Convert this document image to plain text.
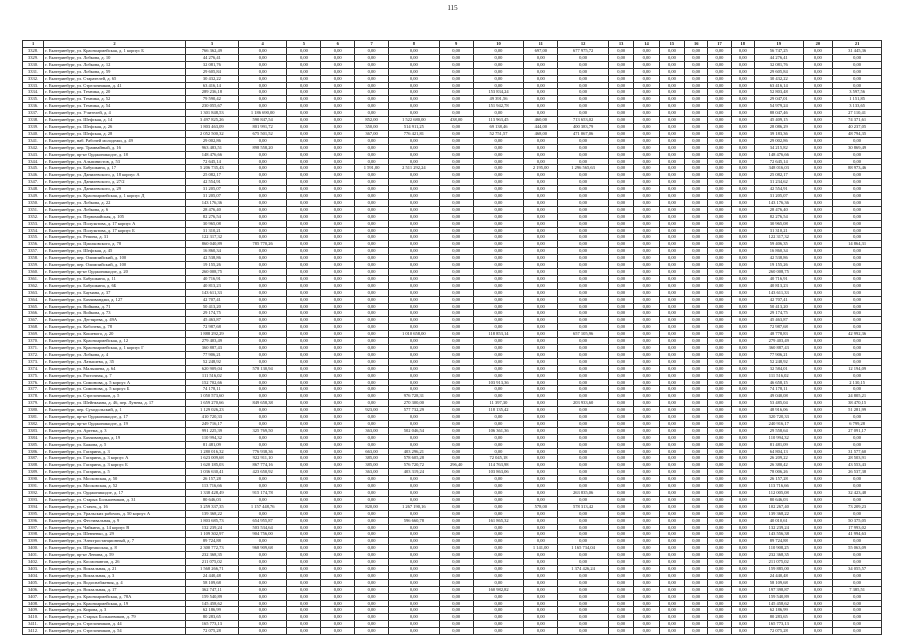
115
1	2	3	4	5	6	7	8	9	10	11	12	13	14	15	16	17	18	19	20	21
3328.	г. Екатеринбург, ул. Красноармейская, д. 1 корпус Б	766 362,49	0,00	0,00	0,00	0,00	0,00	0,00	0,00	697,00	677 975,72	0,00	0,00	0,00	0,00	0,00	0,00	56 747,25	0,00	31 445,36
3329.	г. Екатеринбург, ул. Лобкова, д. 10	44 276,41	0,00	0,00	0,00	0,00	0,00	0,00	0,00	0,00	0,00	0,00	0,00	0,00	0,00	0,00	0,00	44 276,41	0,00	0,00
3330.	г. Екатеринбург, ул. Лобкова, д. 12	32 081,76	0,00	0,00	0,00	0,00	0,00	0,00	0,00	0,00	0,00	0,00	0,00	0,00	0,00	0,00	0,00	32 081,76	0,00	0,00
3331.	г. Екатеринбург, ул. Лобкова, д. 59	29 605,84	0,00	0,00	0,00	0,00	0,00	0,00	0,00	0,00	0,00	0,00	0,00	0,00	0,00	0,00	0,00	29 605,84	0,00	0,00
3332.	г. Екатеринбург, ул. Старателей, д. 65	30 432,22	0,00	0,00	0,00	0,00	0,00	0,00	0,00	0,00	0,00	0,00	0,00	0,00	0,00	0,00	0,00	30 432,22	0,00	0,00
3333.	г. Екатеринбург, ул. Стрелочников, д. 41	63 416,14	0,00	0,00	0,00	0,00	0,00	0,00	0,00	0,00	0,00	0,00	0,00	0,00	0,00	0,00	0,00	63 416,14	0,00	0,00
3334.	г. Екатеринбург, ул. Техника, д. 20	289 236,18	0,00	0,00	0,00	0,00	0,00	0,00	153 834,24	0,00	0,00	0,00	0,00	0,00	0,00	0,00	0,00	52 803,48	0,00	3 597,56
3335.	г. Екатеринбург, ул. Техника, д. 52	79 590,42	0,00	0,00	0,00	0,00	0,00	0,00	49 391,56	0,00	0,00	0,00	0,00	0,00	0,00	0,00	0,00	29 047,01	0,00	1 151,85
3336.	г. Екатеринбург, ул. Техника, д. 54	230 055,67	0,00	0,00	0,00	0,00	0,00	0,00	151 942,78	0,00	0,00	0,00	0,00	0,00	0,00	0,00	0,00	54 979,24	0,00	3 133,65
3337.	г. Екатеринбург, ул. Учителей, д. 4	1 301 848,53	1 186 690,00	0,00	0,00	0,00	0,00	0,00	0,00	0,00	0,00	0,00	0,00	0,00	0,00	0,00	0,00	88 047,46	0,00	27 110,41
3338.	г. Екатеринбург, ул. Шефская, д. 14	3 497 825,26	590 847,54	0,00	0,00	852,00	1 522 680,00	438,00	113 963,45	460,00	713 653,02	0,00	0,00	0,00	0,00	0,00	0,00	45 409,15	0,00	74 371,61
3339.	г. Екатеринбург, ул. Шефская, д. 26	1 803 463,09	801 991,72	0,00	0,00	350,00	514 911,25	0,00	69 138,46	444,00	400 383,79	0,00	0,00	0,00	0,00	0,00	0,00	28 086,29	0,00	40 237,05
3340.	г. Екатеринбург, ул. Шефская, д. 28	2 052 500,32	675 501,52	0,00	0,00	367,00	776 421,81	0,00	52 751,57	468,00	471 067,06	0,00	0,00	0,00	0,00	0,00	0,00	39 183,36	0,00	48 794,35
3341.	г. Екатеринбург, наб. Рабочей молодежи, д. 49	29 002,86	0,00	0,00	0,00	0,00	0,00	0,00	0,00	0,00	0,00	0,00	0,00	0,00	0,00	0,00	0,00	29 002,86	0,00	0,00
3342.	г. Екатеринбург, пер. Трамвайный, д. 16	963 483,51	898 558,20	0,00	0,00	0,00	0,00	0,00	0,00	0,00	0,00	0,00	0,00	0,00	0,00	0,00	0,00	34 215,82	0,00	30 869,49
3343.	г. Екатеринбург, пр-кт Орджоникидзе, д. 18	148 476,66	0,00	0,00	0,00	0,00	0,00	0,00	0,00	0,00	0,00	0,00	0,00	0,00	0,00	0,00	0,00	148 476,66	0,00	0,00
3344.	г. Екатеринбург, ул. Альпинистов, д. 53	72 645,14	0,00	0,00	0,00	0,00	0,00	0,00	0,00	0,00	0,00	0,00	0,00	0,00	0,00	0,00	0,00	72 645,14	0,00	0,00
3345.	г. Екатеринбург, ул. Бабушкина, д. 17	5 206 735,43	0,00	0,00	0,00	1 591,00	2 511 292,24	0,00	0,00	2 195,00	1 296 565,63	0,00	0,00	0,00	0,00	0,00	0,00	348 016,03	0,00	88 973,46
3346.	г. Екатеринбург, ул. Данилевского, д. 18 корпус А	25 082,17	0,00	0,00	0,00	0,00	0,00	0,00	0,00	0,00	0,00	0,00	0,00	0,00	0,00	0,00	0,00	25 082,17	0,00	0,00
3347.	г. Екатеринбург, ул. Данилевского, д. 27/2	42 554,91	0,00	0,00	0,00	0,00	0,00	0,00	0,00	0,00	0,00	0,00	0,00	0,00	0,00	0,00	0,00	31 234,62	0,00	0,00
3348.	г. Екатеринбург, ул. Данилевского, д. 29	31 205,07	0,00	0,00	0,00	0,00	0,00	0,00	0,00	0,00	0,00	0,00	0,00	0,00	0,00	0,00	0,00	42 554,91	0,00	0,00
3349.	г. Екатеринбург, ул. Красноармейская, д. 1 корпус Д	31 205,07	0,00	0,00	0,00	0,00	0,00	0,00	0,00	0,00	0,00	0,00	0,00	0,00	0,00	0,00	0,00	31 205,07	0,00	0,00
3350.	г. Екатеринбург, ул. Лобкова, д. 22	143 176,36	0,00	0,00	0,00	0,00	0,00	0,00	0,00	0,00	0,00	0,00	0,00	0,00	0,00	0,00	0,00	143 176,36	0,00	0,00
3351.	г. Екатеринбург, ул. Лобкова, д. 6	28 476,40	0,00	0,00	0,00	0,00	0,00	0,00	0,00	0,00	0,00	0,00	0,00	0,00	0,00	0,00	0,00	28 476,40	0,00	0,00
3352.	г. Екатеринбург, ул. Первомайская, д. 105	82 276,54	0,00	0,00	0,00	0,00	0,00	0,00	0,00	0,00	0,00	0,00	0,00	0,00	0,00	0,00	0,00	82 276,54	0,00	0,00
3353.	г. Екатеринбург, ул. Полуэктова, д. 17 корпус А	30 965,08	0,00	0,00	0,00	0,00	0,00	0,00	0,00	0,00	0,00	0,00	0,00	0,00	0,00	0,00	0,00	30 965,08	0,00	0,00
3354.	г. Екатеринбург, ул. Полуэктова, д. 17 корпус Б	31 310,21	0,00	0,00	0,00	0,00	0,00	0,00	0,00	0,00	0,00	0,00	0,00	0,00	0,00	0,00	0,00	31 310,21	0,00	0,00
3355.	г. Екатеринбург, ул. Репина, д. 31	122 317,32	0,00	0,00	0,00	0,00	0,00	0,00	0,00	0,00	0,00	0,00	0,00	0,00	0,00	0,00	0,00	122 317,32	0,00	0,00
3356.	г. Екатеринбург, ул. Циолковского, д. 78	860 040,89	785 770,26	0,00	0,00	0,00	0,00	0,00	0,00	0,00	0,00	0,00	0,00	0,00	0,00	0,00	0,00	59 406,35	0,00	14 864,31
3357.	г. Екатеринбург, ул. Шефская, д. 45	16 860,34	0,00	0,00	0,00	0,00	0,00	0,00	0,00	0,00	0,00	0,00	0,00	0,00	0,00	0,00	0,00	16 860,34	0,00	0,00
3358.	г. Екатеринбург, пер. Олимпийский, д. 100	42 538,86	0,00	0,00	0,00	0,00	0,00	0,00	0,00	0,00	0,00	0,00	0,00	0,00	0,00	0,00	0,00	42 538,86	0,00	0,00
3359.	г. Екатеринбург, пер. Олимпийский, д. 100	19 155,26	0,00	0,00	0,00	0,00	0,00	0,00	0,00	0,00	0,00	0,00	0,00	0,00	0,00	0,00	0,00	19 155,26	0,00	0,00
3360.	г. Екатеринбург, пр-кт Орджоникидзе, д. 20	260 008,75	0,00	0,00	0,00	0,00	0,00	0,00	0,00	0,00	0,00	0,00	0,00	0,00	0,00	0,00	0,00	260 008,75	0,00	0,00
3361.	г. Екатеринбург, ул. Бабушкина, д. 11	40 716,91	0,00	0,00	0,00	0,00	0,00	0,00	0,00	0,00	0,00	0,00	0,00	0,00	0,00	0,00	0,00	40 716,91	0,00	0,00
3362.	г. Екатеринбург, ул. Бабушкина, д. 6Б	40 813,23	0,00	0,00	0,00	0,00	0,00	0,00	0,00	0,00	0,00	0,00	0,00	0,00	0,00	0,00	0,00	40 813,23	0,00	0,00
3363.	г. Екатеринбург, ул. Баумана, д. 37	143 611,33	0,00	0,00	0,00	0,00	0,00	0,00	0,00	0,00	0,00	0,00	0,00	0,00	0,00	0,00	0,00	143 611,33	0,00	0,00
3364.	г. Екатеринбург, ул. Бахчиванджи, д. 127	42 707,41	0,00	0,00	0,00	0,00	0,00	0,00	0,00	0,00	0,00	0,00	0,00	0,00	0,00	0,00	0,00	42 707,41	0,00	0,00
3365.	г. Екатеринбург, ул. Войкова, д. 71	50 413,20	0,00	0,00	0,00	0,00	0,00	0,00	0,00	0,00	0,00	0,00	0,00	0,00	0,00	0,00	0,00	50 413,20	0,00	0,00
3366.	г. Екатеринбург, ул. Войкова, д. 73	29 174,75	0,00	0,00	0,00	0,00	0,00	0,00	0,00	0,00	0,00	0,00	0,00	0,00	0,00	0,00	0,00	29 174,75	0,00	0,00
3367.	г. Екатеринбург, ул. Дегтярева, д. 49А	45 463,87	0,00	0,00	0,00	0,00	0,00	0,00	0,00	0,00	0,00	0,00	0,00	0,00	0,00	0,00	0,00	45 463,87	0,00	0,00
3368.	г. Екатеринбург, ул. Кобозева, д. 78	72 987,68	0,00	0,00	0,00	0,00	0,00	0,00	0,00	0,00	0,00	0,00	0,00	0,00	0,00	0,00	0,00	72 987,68	0,00	0,00
3369.	г. Екатеринбург, ул. Кошевого, д. 20	1 888 292,29	0,00	0,00	0,00	0,00	1 010 658,00	0,00	118 853,14	0,00	657 105,96	0,00	0,00	0,00	0,00	0,00	0,00	48 778,83	0,00	42 992,36
3370.	г. Екатеринбург, ул. Красноармейская, д. 12	279 403,49	0,00	0,00	0,00	0,00	0,00	0,00	0,00	0,00	0,00	0,00	0,00	0,00	0,00	0,00	0,00	279 403,49	0,00	0,00
3371.	г. Екатеринбург, ул. Красноармейская, д. 1 корпус Г	360 887,43	0,00	0,00	0,00	0,00	0,00	0,00	0,00	0,00	0,00	0,00	0,00	0,00	0,00	0,00	0,00	360 887,43	0,00	0,00
3372.	г. Екатеринбург, ул. Лобкова, д. 4	77 906,21	0,00	0,00	0,00	0,00	0,00	0,00	0,00	0,00	0,00	0,00	0,00	0,00	0,00	0,00	0,00	77 906,21	0,00	0,00
3373.	г. Екатеринбург, ул. Латышева, д. 35	52 248,92	0,00	0,00	0,00	0,00	0,00	0,00	0,00	0,00	0,00	0,00	0,00	0,00	0,00	0,00	0,00	52 248,92	0,00	0,00
3374.	г. Екатеринбург, ул. Малышева, д. 64	620 909,04	578 130,94	0,00	0,00	0,00	0,00	0,00	0,00	0,00	0,00	0,00	0,00	0,00	0,00	0,00	0,00	32 584,01	0,00	12 194,09
3375.	г. Екатеринбург, ул. Расточная, д. 7	111 516,02	0,00	0,00	0,00	0,00	0,00	0,00	0,00	0,00	0,00	0,00	0,00	0,00	0,00	0,00	0,00	111 516,02	0,00	0,00
3376.	г. Екатеринбург, ул. Симонова, д. 5 корпус А	152 702,66	0,00	0,00	0,00	0,00	0,00	0,00	103 913,36	0,00	0,00	0,00	0,00	0,00	0,00	0,00	0,00	46 658,15	0,00	2 130,15
3377.	г. Екатеринбург, ул. Симонова, д. 5 корпус Б	74 178,11	0,00	0,00	0,00	0,00	0,00	0,00	0,00	0,00	0,00	0,00	0,00	0,00	0,00	0,00	0,00	74 178,11	0,00	0,00
3378.	г. Екатеринбург, ул. Стрелочников, д. 5	1 050 573,60	0,00	0,00	0,00	0,00	976 728,31	0,00	0,00	0,00	0,00	0,00	0,00	0,00	0,00	0,00	0,00	49 040,08	0,00	24 805,21
3379.	г. Екатеринбург, ул. Шейнкмана, д. 46, пер. Лунева, д. 17	1 659 270,66	849 658,38	0,00	0,00	0,00	270 300,00	0,00	11 397,30	0,00	203 933,60	0,00	0,00	0,00	0,00	0,00	0,00	53 485,04	0,00	38 470,15
3380.	г. Екатеринбург, пер. Суходольский, д. 1	1 129 026,23	0,00	0,00	0,00	923,00	577 732,29	0,00	118 135,42	0,00	0,00	0,00	0,00	0,00	0,00	0,00	0,00	48 916,06	0,00	51 281,99
3381.	г. Екатеринбург, пр-кт Орджоникидзе, д. 17	410 720,33	0,00	0,00	0,00	0,00	0,00	0,00	0,00	0,00	0,00	0,00	0,00	0,00	0,00	0,00	0,00	320 720,33	0,00	0,00
3382.	г. Екатеринбург, пр-кт Орджоникидзе, д. 19	249 716,17	0,00	0,00	0,00	0,00	0,00	0,00	0,00	0,00	0,00	0,00	0,00	0,00	0,00	0,00	0,00	240 916,17	0,00	6 799,28
3383.	г. Екатеринбург, ул. Артема, д. 3	991 225,39	325 769,50	0,00	0,00	363,00	502 046,54	0,00	106 361,36	0,00	0,00	0,00	0,00	0,00	0,00	0,00	0,00	29 558,64	0,00	27 091,17
3384.	г. Екатеринбург, ул. Бахчиванджи, д. 19	110 994,32	0,00	0,00	0,00	0,00	0,00	0,00	0,00	0,00	0,00	0,00	0,00	0,00	0,00	0,00	0,00	110 994,32	0,00	0,00
3385.	г. Екатеринбург, ул. Бажова, д. 5	81 481,09	0,00	0,00	0,00	0,00	0,00	0,00	0,00	0,00	0,00	0,00	0,00	0,00	0,00	0,00	0,00	81 481,09	0,00	0,00
3386.	г. Екатеринбург, ул. Гагарина, д. 3	1 280 016,32	776 938,36	0,00	0,00	663,00	403 296,21	0,00	0,00	0,00	0,00	0,00	0,00	0,00	0,00	0,00	0,00	64 804,13	0,00	31 577,60
3387.	г. Екатеринбург, ул. Гагарина, д. 3 корпус А	1 623 009,68	922 911,10	0,00	0,00	385,00	578 605,28	0,00	72 045,18	0,00	0,00	0,00	0,00	0,00	0,00	0,00	0,00	26 209,22	0,00	28 503,91
3388.	г. Екатеринбург, ул. Гагарина, д. 3 корпус Б	1 620 185,03	867 774,16	0,00	0,00	385,00	576 720,72	296,40	114 763,98	0,00	0,00	0,00	0,00	0,00	0,00	0,00	0,00	26 380,42	0,00	43 553,43
3389.	г. Екатеринбург, ул. Гагарина, д. 5	1 036 630,41	423 650,92	0,00	0,00	363,00	403 319,24	0,00	103 863,06	0,00	0,00	0,00	0,00	0,00	0,00	0,00	0,00	78 006,26	0,00	26 537,38
3390.	г. Екатеринбург, ул. Московская, д. 50	26 157,28	0,00	0,00	0,00	0,00	0,00	0,00	0,00	0,00	0,00	0,00	0,00	0,00	0,00	0,00	0,00	26 157,28	0,00	0,00
3391.	г. Екатеринбург, ул. Московская, д. 52	113 716,66	0,00	0,00	0,00	0,00	0,00	0,00	0,00	0,00	0,00	0,00	0,00	0,00	0,00	0,00	0,00	113 716,66	0,00	0,00
3392.	г. Екатеринбург, ул. Орджоникидзе, д. 17	1 338 428,49	915 174,78	0,00	0,00	0,00	0,00	0,00	0,00	0,00	263 835,06	0,00	0,00	0,00	0,00	0,00	0,00	112 005,08	0,00	32 423,48
3393.	г. Екатеринбург, ул. Старых Большевиков, д. 31	80 646,03	0,00	0,00	0,00	0,00	0,00	0,00	0,00	0,00	0,00	0,00	0,00	0,00	0,00	0,00	0,00	80 646,03	0,00	0,00
3394.	г. Екатеринбург, ул. Стачек, д. 16	3 259 337,35	1 157 448,76	0,00	0,00	820,00	1 267 190,16	0,00	0,00	578,00	578 313,42	0,00	0,00	0,00	0,00	0,00	0,00	102 267,40	0,00	73 209,23
3395.	г. Екатеринбург, ул. Уральских рабочих, д. 50 корпус А	139 368,22	0,00	0,00	0,00	0,00	0,00	0,00	0,00	0,00	0,00	0,00	0,00	0,00	0,00	0,00	0,00	139 368,22	0,00	0,00
3396.	г. Екатеринбург, ул. Фестивальная, д. 9	1 803 685,73	654 955,87	0,00	0,00	0,00	596 660,78	0,00	161 865,32	0,00	0,00	0,00	0,00	0,00	0,00	0,00	0,00	40 010,61	0,00	50 375,05
3397.	г. Екатеринбург, ул. Чайкина, д. 14 корпус В	132 239,24	503 534,64	0,00	0,00	0,00	0,00	0,00	0,00	0,00	0,00	0,00	0,00	0,00	0,00	0,00	0,00	132 239,24	0,00	17 993,02
3398.	г. Екатеринбург, ул. Шевченко, д. 29	1 109 302,97	904 756,00	0,00	0,00	0,00	0,00	0,00	0,00	0,00	0,00	0,00	0,00	0,00	0,00	0,00	0,00	143 556,38	0,00	41 994,63
3399.	г. Екатеринбург, ул. Электростанционный, д. 7	89 724,88	0,00	0,00	0,00	0,00	0,00	0,00	0,00	0,00	0,00	0,00	0,00	0,00	0,00	0,00	0,00	89 724,88	0,00	0,00
3400.	г. Екатеринбург, ул. Шарташская, д. 8	2 300 772,73	968 909,68	0,00	0,00	0,00	0,00	0,00	0,00	1 141,00	1 165 734,04	0,00	0,00	0,00	0,00	0,00	0,00	110 908,25	0,00	55 063,09
3401.	г. Екатеринбург, пр-кт Ленина, д. 59	232 368,35	0,00	0,00	0,00	0,00	0,00	0,00	0,00	0,00	0,00	0,00	0,00	0,00	0,00	0,00	0,00	232 368,35	0,00	0,00
3402.	г. Екатеринбург, ул. Космонавтов, д. 26	211 075,02	0,00	0,00	0,00	0,00	0,00	0,00	0,00	0,00	0,00	0,00	0,00	0,00	0,00	0,00	0,00	211 075,02	0,00	0,00
3403.	г. Екатеринбург, ул. Вокзальная, д. 21	1 568 266,71	0,00	0,00	0,00	0,00	0,00	0,00	0,00	0,00	1 374 426,24	0,00	0,00	0,00	0,00	0,00	0,00	159 885,00	0,00	34 055,57
3404.	г. Екатеринбург, ул. Вокзальная, д. 3	24 440,48	0,00	0,00	0,00	0,00	0,00	0,00	0,00	0,00	0,00	0,00	0,00	0,00	0,00	0,00	0,00	24 440,48	0,00	0,00
3405.	г. Екатеринбург, ул. Водоснабжения, д. 4	58 109,68	0,00	0,00	0,00	0,00	0,00	0,00	0,00	0,00	0,00	0,00	0,00	0,00	0,00	0,00	0,00	58 109,68	0,00	0,00
3406.	г. Екатеринбург, ул. Вокзальная, д. 17	362 747,11	0,00	0,00	0,00	0,00	0,00	0,00	160 982,82	0,00	0,00	0,00	0,00	0,00	0,00	0,00	0,00	197 398,87	0,00	7 385,51
3407.	г. Екатеринбург, ул. Красноармейская, д. 78А	159 540,89	0,00	0,00	0,00	0,00	0,00	0,00	0,00	0,00	0,00	0,00	0,00	0,00	0,00	0,00	0,00	159 540,89	0,00	0,00
3408.	г. Екатеринбург, ул. Красноармейская, д. 19	145 458,62	0,00	0,00	0,00	0,00	0,00	0,00	0,00	0,00	0,00	0,00	0,00	0,00	0,00	0,00	0,00	145 458,62	0,00	0,00
3409.	г. Екатеринбург, ул. Кирова, д. 3	62 186,99	0,00	0,00	0,00	0,00	0,00	0,00	0,00	0,00	0,00	0,00	0,00	0,00	0,00	0,00	0,00	62 186,99	0,00	0,00
3410.	г. Екатеринбург, ул. Старых Большевиков, д. 79	80 283,65	0,00	0,00	0,00	0,00	0,00	0,00	0,00	0,00	0,00	0,00	0,00	0,00	0,00	0,00	0,00	80 283,65	0,00	0,00
3411.	г. Екатеринбург, ул. Стрелочников, д. 44	165 773,13	0,00	0,00	0,00	0,00	0,00	0,00	0,00	0,00	0,00	0,00	0,00	0,00	0,00	0,00	0,00	165 773,13	0,00	0,00
3412.	г. Екатеринбург, ул. Стрелочников, д. 54	72 075,28	0,00	0,00	0,00	0,00	0,00	0,00	0,00	0,00	0,00	0,00	0,00	0,00	0,00	0,00	0,00	72 075,28	0,00	0,00
